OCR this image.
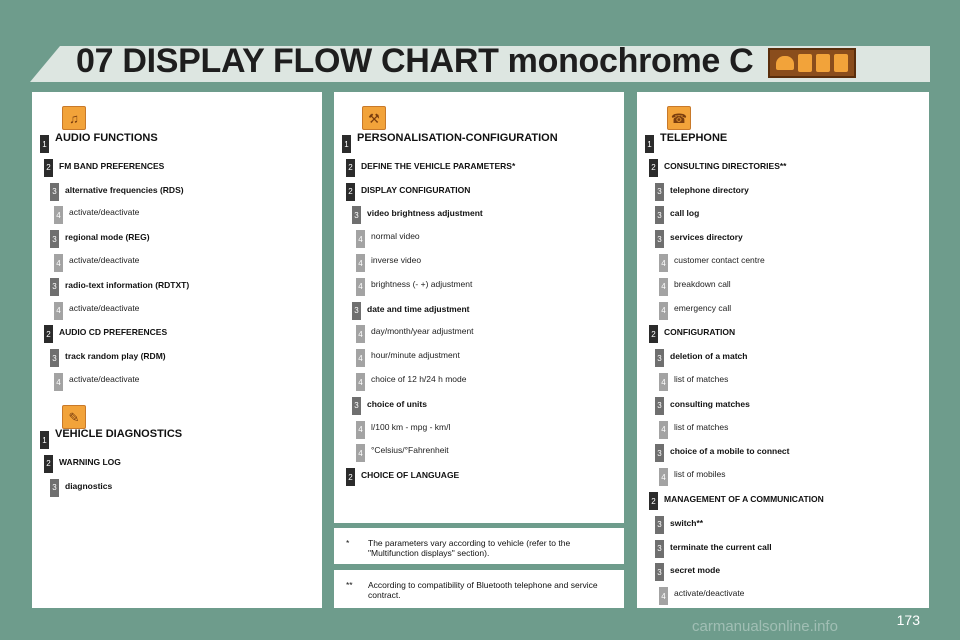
07 DISPLAY FLOW CHART monochrome C
♫
1 AUDIO FUNCTIONS
2 FM BAND PREFERENCES
3 alternative frequencies (RDS)
4 activate/deactivate
3 regional mode (REG)
4 activate/deactivate
3 radio-text information (RDTXT)
4 activate/deactivate
2 AUDIO CD PREFERENCES
3 track random play (RDM)
4 activate/deactivate
✎
1 VEHICLE DIAGNOSTICS
2 WARNING LOG
3 diagnostics
⚒
1 PERSONALISATION-CONFIGURATION
2 DEFINE THE VEHICLE PARAMETERS*
2 DISPLAY CONFIGURATION
3 video brightness adjustment
4 normal video
4 inverse video
4 brightness (- +) adjustment
3 date and time adjustment
4 day/month/year adjustment
4 hour/minute adjustment
4 choice of 12 h/24 h mode
3 choice of units
4 l/100 km - mpg - km/l
4 °Celsius/°Fahrenheit
2 CHOICE OF LANGUAGE
* The parameters vary according to vehicle (refer to the "Multifunction displays" section).
** According to compatibility of Bluetooth telephone and service contract.
☎
1 TELEPHONE
2 CONSULTING DIRECTORIES**
3 telephone directory
3 call log
3 services directory
4 customer contact centre
4 breakdown call
4 emergency call
2 CONFIGURATION
3 deletion of a match
4 list of matches
3 consulting matches
4 list of matches
3 choice of a mobile to connect
4 list of mobiles
2 MANAGEMENT OF A COMMUNICATION
3 switch**
3 terminate the current call
3 secret mode
4 activate/deactivate
173
carmanualsonline.info
